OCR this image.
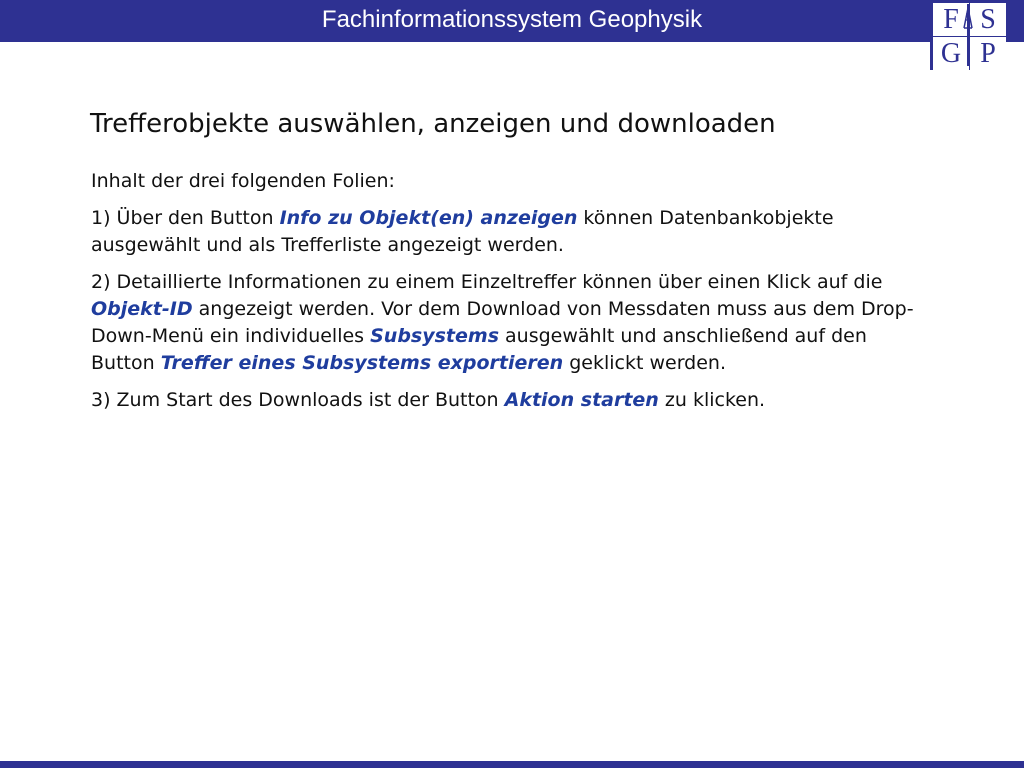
Fachinformationssystem Geophysik	F S
G P
Trefferobjekte auswählen, anzeigen und downloaden

Inhalt der drei folgenden Folien:

1) Über den Button Info zu Objekt(en) anzeigen können Datenbankobjekte ausgewählt und als Trefferliste angezeigt werden.

2) Detaillierte Informationen zu einem Einzeltreffer können über einen Klick auf die Objekt-ID angezeigt werden. Vor dem Download von Messdaten muss aus dem Drop-Down-Menü ein individuelles Subsystems ausgewählt und anschließend auf den Button Treffer eines Subsystems exportieren geklickt werden.

3) Zum Start des Downloads ist der Button Aktion starten zu klicken.
